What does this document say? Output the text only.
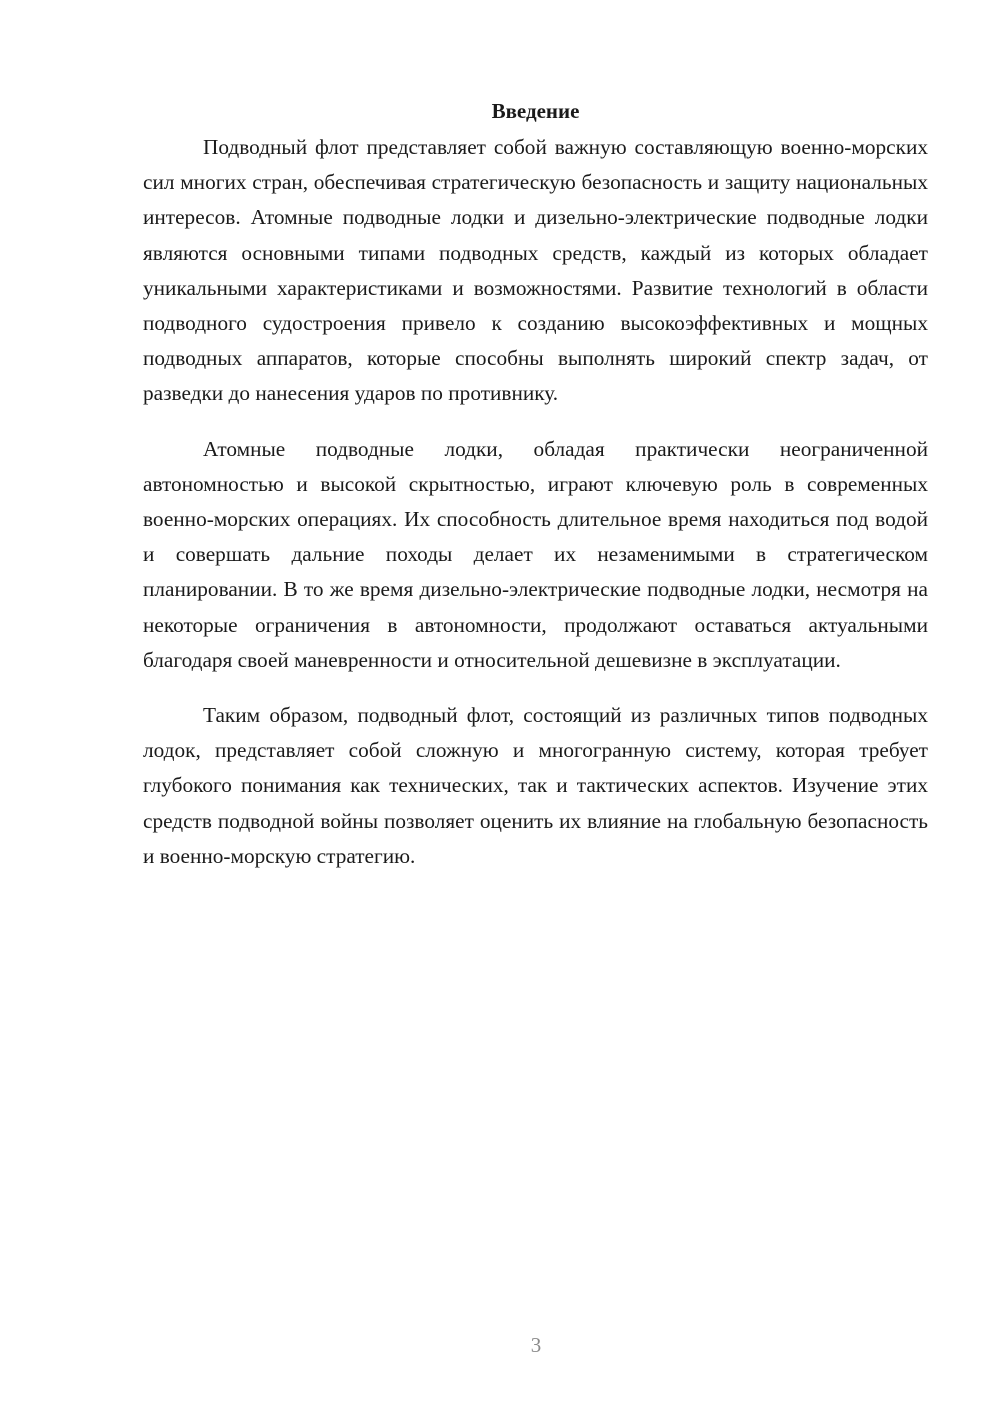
Введение

Подводный флот представляет собой важную составляющую военно-морских сил многих стран, обеспечивая стратегическую безопасность и защиту национальных интересов. Атомные подводные лодки и дизельно-электрические подводные лодки являются основными типами подводных средств, каждый из которых обладает уникальными характеристиками и возможностями. Развитие технологий в области подводного судостроения привело к созданию высокоэффективных и мощных подводных аппаратов, которые способны выполнять широкий спектр задач, от разведки до нанесения ударов по противнику.

Атомные подводные лодки, обладая практически неограниченной автономностью и высокой скрытностью, играют ключевую роль в современных военно-морских операциях. Их способность длительное время находиться под водой и совершать дальние походы делает их незаменимыми в стратегическом планировании. В то же время дизельно-электрические подводные лодки, несмотря на некоторые ограничения в автономности, продолжают оставаться актуальными благодаря своей маневренности и относительной дешевизне в эксплуатации.

Таким образом, подводный флот, состоящий из различных типов подводных лодок, представляет собой сложную и многогранную систему, которая требует глубокого понимания как технических, так и тактических аспектов. Изучение этих средств подводной войны позволяет оценить их влияние на глобальную безопасность и военно-морскую стратегию.

3
